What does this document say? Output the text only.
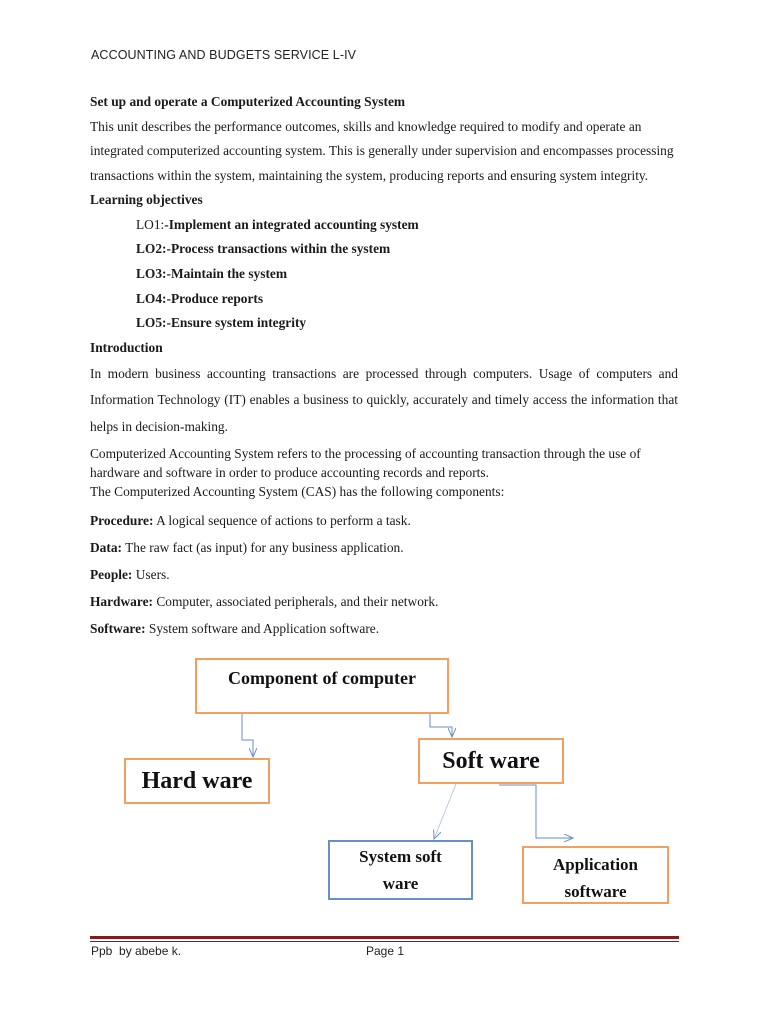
ACCOUNTING AND BUDGETS SERVICE L-IV

Set up and operate a Computerized Accounting System

This unit describes the performance outcomes, skills and knowledge required to modify and operate an integrated computerized accounting system. This is generally under supervision and encompasses processing transactions within the system, maintaining the system, producing reports and ensuring system integrity.

Learning objectives

LO1:-Implement an integrated accounting system
LO2:-Process transactions within the system
LO3:-Maintain the system
LO4:-Produce reports
LO5:-Ensure system integrity

Introduction

In modern business accounting transactions are processed through computers. Usage of computers and Information Technology (IT) enables a business to quickly, accurately and timely access the information that helps in decision-making.

Computerized Accounting System refers to the processing of accounting transaction through the use of hardware and software in order to produce accounting records and reports.

The Computerized Accounting System (CAS) has the following components:

Procedure: A logical sequence of actions to perform a task.

Data: The raw fact (as input) for any business application.

People: Users.

Hardware: Computer, associated peripherals, and their network.

Software: System software and Application software.

Component of computer
Hard ware
Soft ware
System soft ware
Application software
Ppb  by abebe k.	Page 1
